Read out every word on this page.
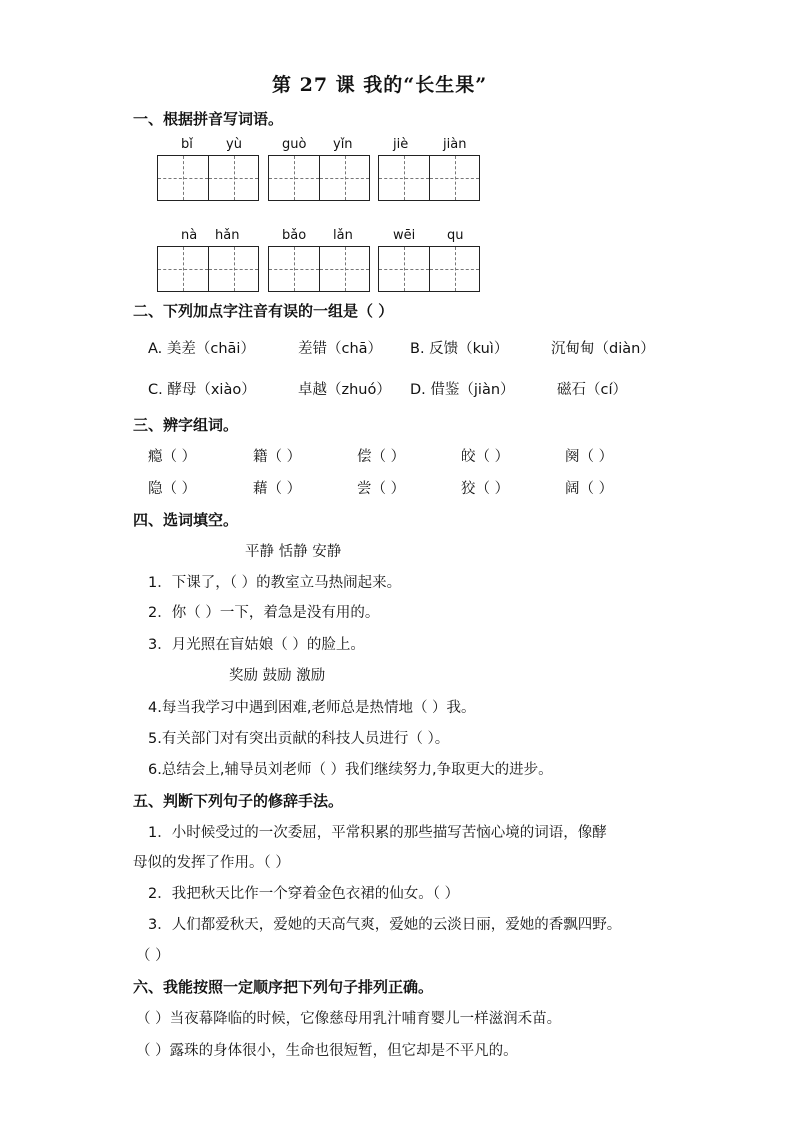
第 27 课 我的“长生果”
一、根据拼音写词语。
bǐ	yù	guò yǐn	jiè	jiàn
nà hǎn	bǎo lǎn	wēi qu
二、下列加点字注音有误的一组是（ ）
A. 美差（chāi）	差错（chā） B. 反馈（kuì）	沉甸甸（diàn）
C. 酵母（xiào）	卓越（zhuó） D. 借鉴（jiàn）	磁石（cí）
三、辨字组词。
瘾（ ）	籍（ ）	偿（ ）	皎（ ）	阕（ ）
隐（ ）	藉（ ）	尝（ ）	狡（ ）	阔（ ）
四、选词填空。
平静 恬静 安静
1．下课了，（ ）的教室立马热闹起来。
2．你（ ）一下，着急是没有用的。
3．月光照在盲姑娘（ ）的脸上。
奖励 鼓励 激励
4.每当我学习中遇到困难,老师总是热情地（ ）我。
5.有关部门对有突出贡献的科技人员进行（ ）。
6.总结会上,辅导员刘老师（ ）我们继续努力,争取更大的进步。
五、判断下列句子的修辞手法。
1．小时候受过的一次委屈，平常积累的那些描写苦恼心境的词语，像酵
母似的发挥了作用。（ ）
2．我把秋天比作一个穿着金色衣裙的仙女。（ ）
3．人们都爱秋天，爱她的天高气爽，爱她的云淡日丽，爱她的香飘四野。
（ ）
六、我能按照一定顺序把下列句子排列正确。
（ ）当夜幕降临的时候，它像慈母用乳汁哺育婴儿一样滋润禾苗。
（ ）露珠的身体很小，生命也很短暂，但它却是不平凡的。
